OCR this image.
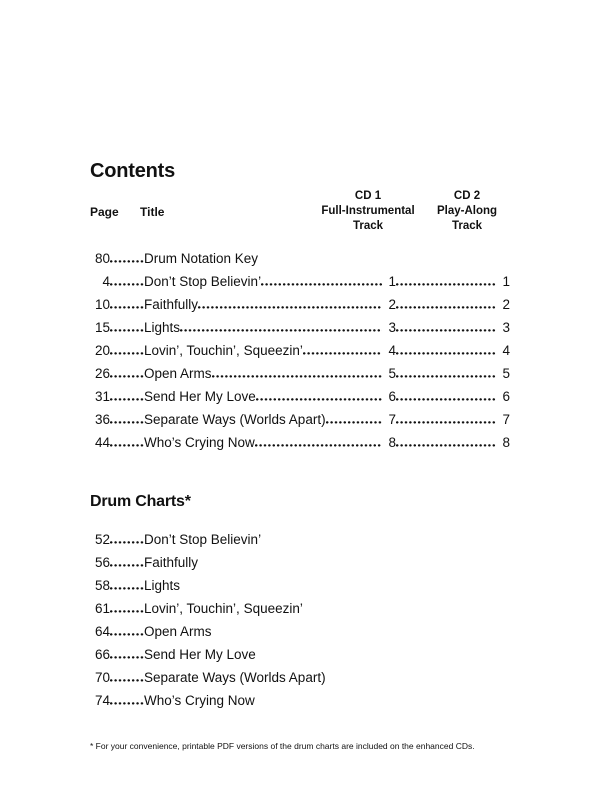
Contents
Page	Title
CD 1
Full-Instrumental
Track
CD 2
Play-Along
Track
80	Drum Notation Key
4	Don’t Stop Believin’	1	1
10	Faithfully	2	2
15	Lights	3	3
20	Lovin’, Touchin’, Squeezin’	4	4
26	Open Arms	5	5
31	Send Her My Love	6	6
36	Separate Ways (Worlds Apart)	7	7
44	Who’s Crying Now	8	8
Drum Charts*
52	Don’t Stop Believin’
56	Faithfully
58	Lights
61	Lovin’, Touchin’, Squeezin’
64	Open Arms
66	Send Her My Love
70	Separate Ways (Worlds Apart)
74	Who’s Crying Now
* For your convenience, printable PDF versions of the drum charts are included on the enhanced CDs.
